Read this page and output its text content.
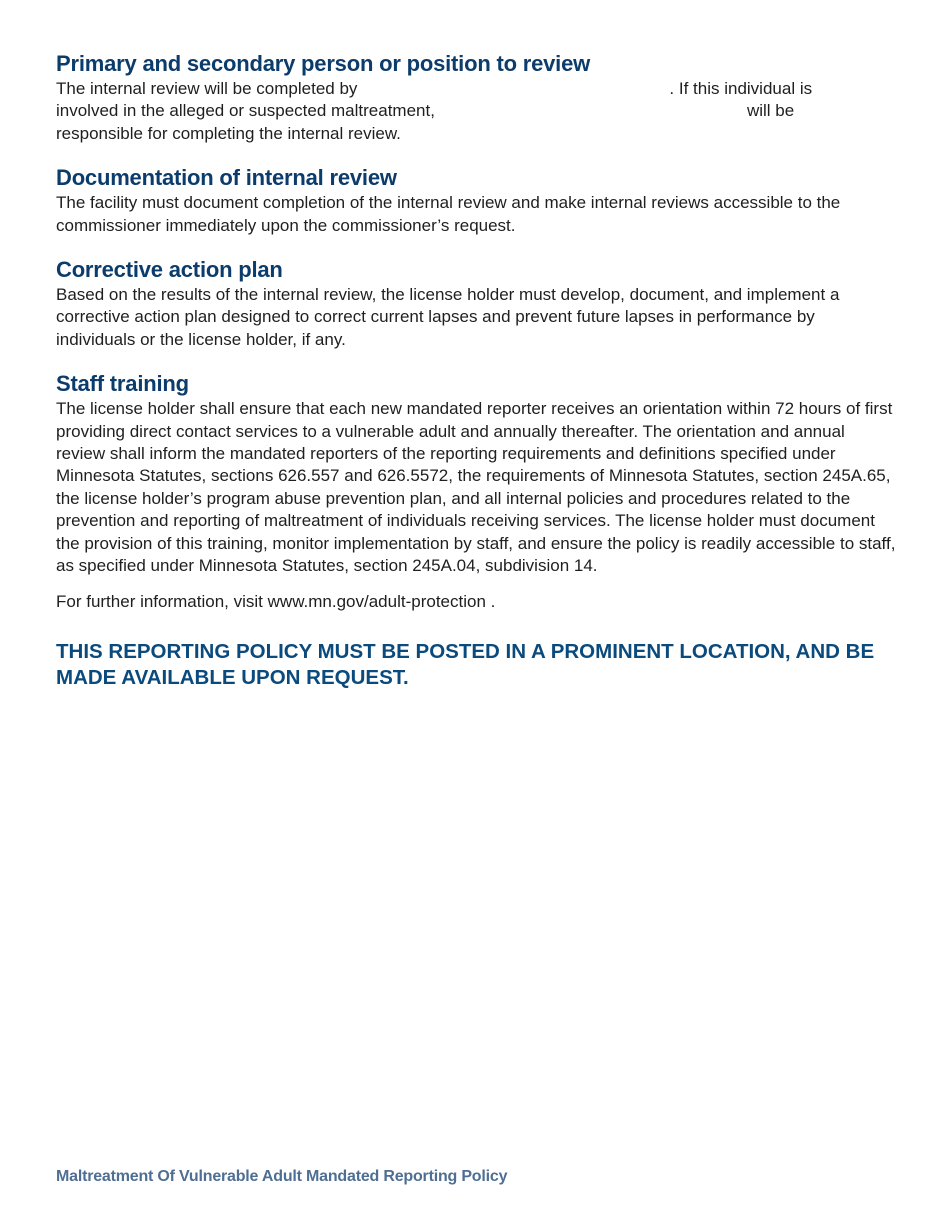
Primary and secondary person or position to review

The internal review will be completed by	. If this individual is
involved in the alleged or suspected maltreatment,	will be
responsible for completing the internal review.

Documentation of internal review

The facility must document completion of the internal review and make internal reviews accessible to the commissioner immediately upon the commissioner’s request.

Corrective action plan

Based on the results of the internal review, the license holder must develop, document, and implement a corrective action plan designed to correct current lapses and prevent future lapses in performance by individuals or the license holder, if any.

Staff training

The license holder shall ensure that each new mandated reporter receives an orientation within 72 hours of first providing direct contact services to a vulnerable adult and annually thereafter. The orientation and annual review shall inform the mandated reporters of the reporting requirements and definitions specified under Minnesota Statutes, sections 626.557 and 626.5572, the requirements of Minnesota Statutes, section 245A.65, the license holder’s program abuse prevention plan, and all internal policies and procedures related to the prevention and reporting of maltreatment of individuals receiving services. The license holder must document the provision of this training, monitor implementation by staff, and ensure the policy is readily accessible to staff, as specified under Minnesota Statutes, section 245A.04, subdivision 14.

For further information, visit www.mn.gov/adult-protection .

THIS REPORTING POLICY MUST BE POSTED IN A PROMINENT LOCATION, AND BE MADE AVAILABLE UPON REQUEST.

Maltreatment Of Vulnerable Adult Mandated Reporting Policy
